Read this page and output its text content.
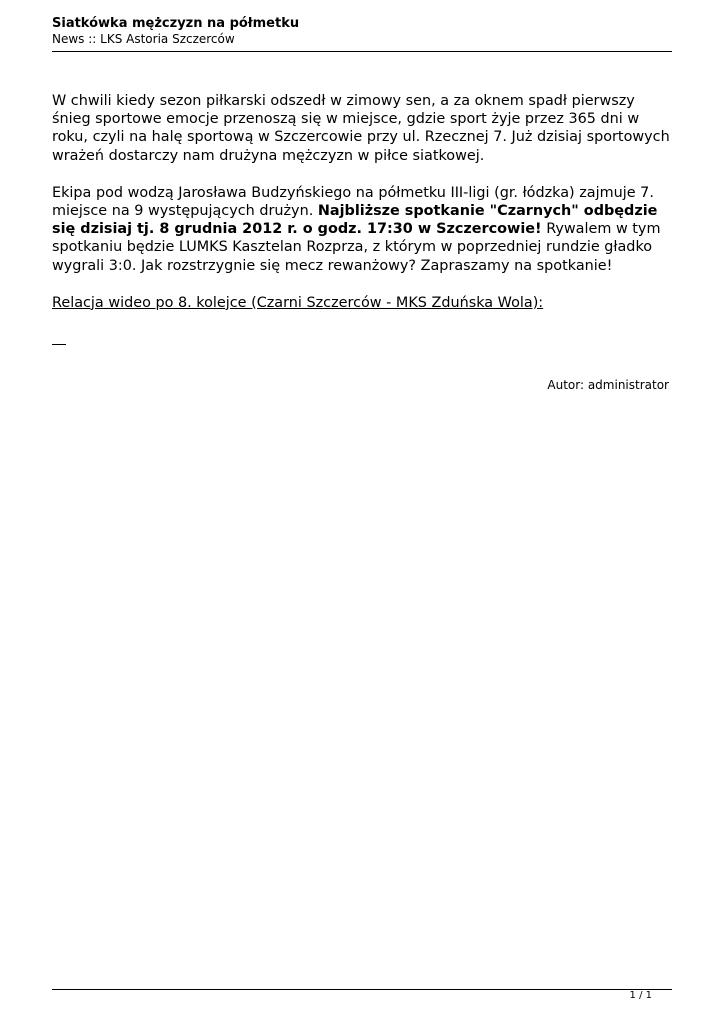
Siatkówka mężczyzn na półmetku

News :: LKS Astoria Szczerców

W chwili kiedy sezon piłkarski odszedł w zimowy sen, a za oknem spadł pierwszy śnieg sportowe emocje przenoszą się w miejsce, gdzie sport żyje przez 365 dni w roku, czyli na halę sportową w Szczercowie przy ul. Rzecznej 7. Już dzisiaj sportowych wrażeń dostarczy nam drużyna mężczyzn w piłce siatkowej.

Ekipa pod wodzą Jarosława Budzyńskiego na półmetku III-ligi (gr. łódzka) zajmuje 7. miejsce na 9 występujących drużyn. Najbliższe spotkanie "Czarnych" odbędzie się dzisiaj tj. 8 grudnia 2012 r. o godz. 17:30 w Szczercowie! Rywalem w tym spotkaniu będzie LUMKS Kasztelan Rozprza, z którym w poprzedniej rundzie gładko wygrali 3:0. Jak rozstrzygnie się mecz rewanżowy? Zapraszamy na spotkanie!

Relacja wideo po 8. kolejce (Czarni Szczerców - MKS Zduńska Wola):

Autor: administrator
1 / 1
